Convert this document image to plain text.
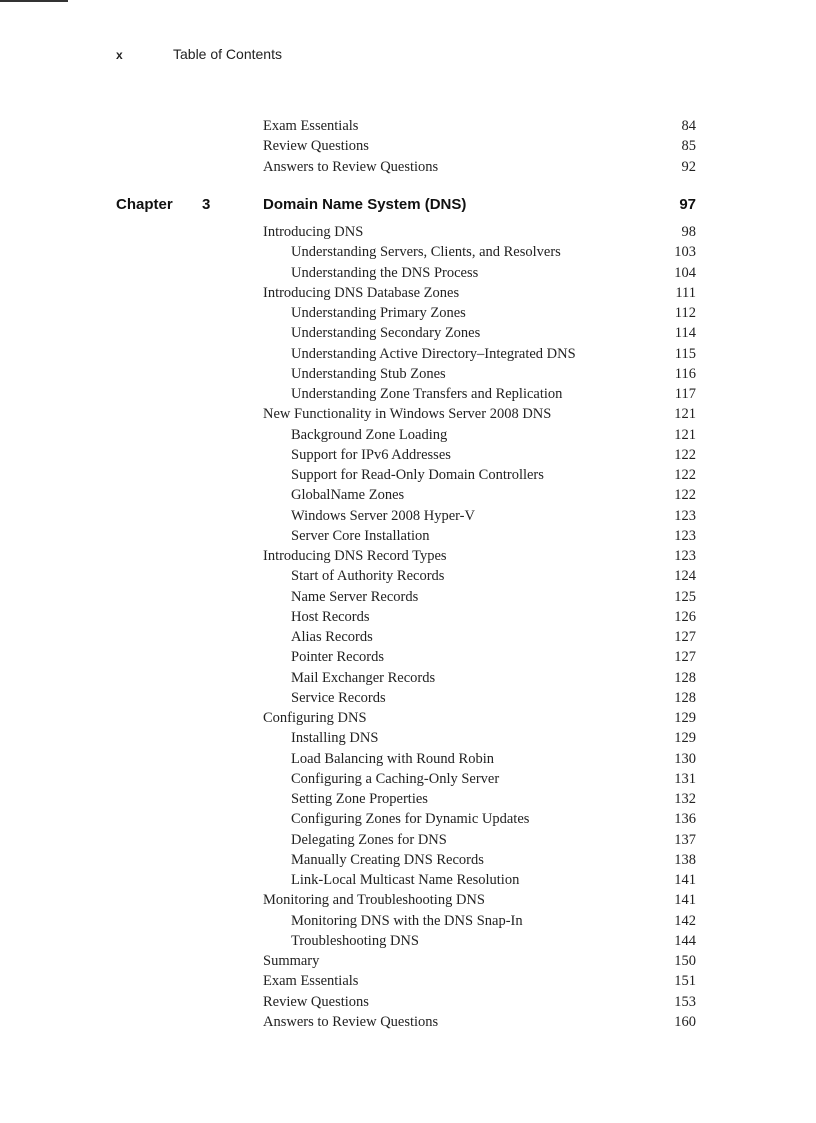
x	Table of Contents
Exam Essentials	84
Review Questions	85
Answers to Review Questions	92
Chapter 3	Domain Name System (DNS)	97
Introducing DNS	98
Understanding Servers, Clients, and Resolvers	103
Understanding the DNS Process	104
Introducing DNS Database Zones	111
Understanding Primary Zones	112
Understanding Secondary Zones	114
Understanding Active Directory–Integrated DNS	115
Understanding Stub Zones	116
Understanding Zone Transfers and Replication	117
New Functionality in Windows Server 2008 DNS	121
Background Zone Loading	121
Support for IPv6 Addresses	122
Support for Read-Only Domain Controllers	122
GlobalName Zones	122
Windows Server 2008 Hyper-V	123
Server Core Installation	123
Introducing DNS Record Types	123
Start of Authority Records	124
Name Server Records	125
Host Records	126
Alias Records	127
Pointer Records	127
Mail Exchanger Records	128
Service Records	128
Configuring DNS	129
Installing DNS	129
Load Balancing with Round Robin	130
Configuring a Caching-Only Server	131
Setting Zone Properties	132
Configuring Zones for Dynamic Updates	136
Delegating Zones for DNS	137
Manually Creating DNS Records	138
Link-Local Multicast Name Resolution	141
Monitoring and Troubleshooting DNS	141
Monitoring DNS with the DNS Snap-In	142
Troubleshooting DNS	144
Summary	150
Exam Essentials	151
Review Questions	153
Answers to Review Questions	160
